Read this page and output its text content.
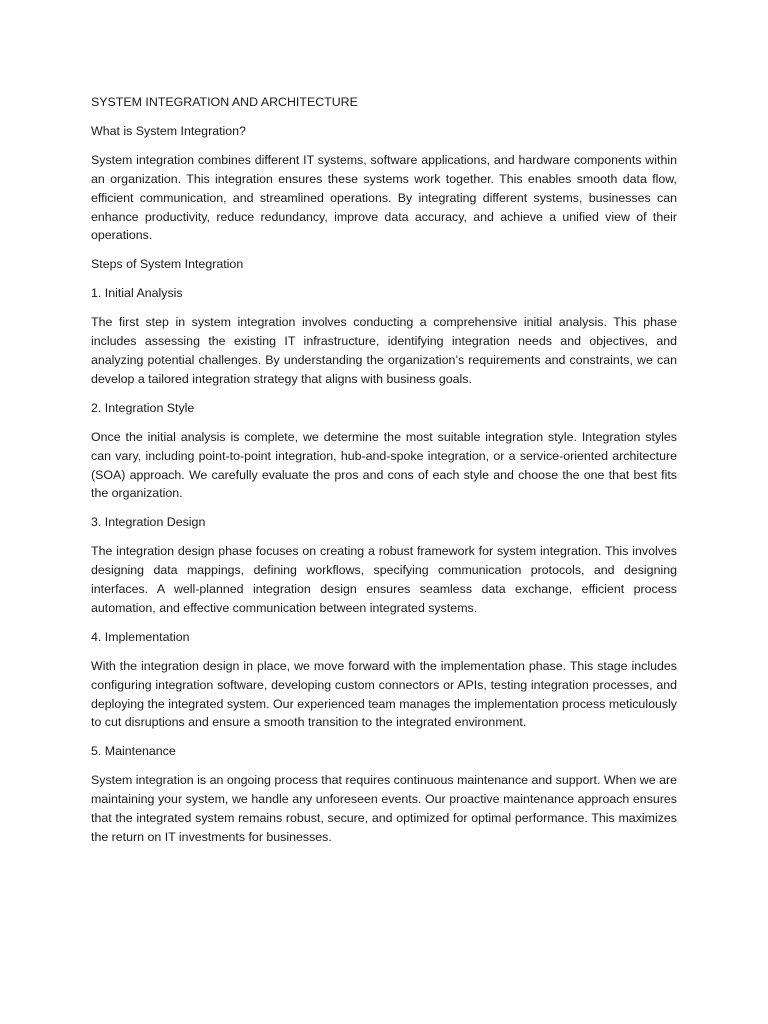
SYSTEM INTEGRATION AND ARCHITECTURE

What is System Integration?

System integration combines different IT systems, software applications, and hardware components within an organization. This integration ensures these systems work together. This enables smooth data flow, efficient communication, and streamlined operations. By integrating different systems, businesses can enhance productivity, reduce redundancy, improve data accuracy, and achieve a unified view of their operations.

Steps of System Integration

1. Initial Analysis

The first step in system integration involves conducting a comprehensive initial analysis. This phase includes assessing the existing IT infrastructure, identifying integration needs and objectives, and analyzing potential challenges. By understanding the organization’s requirements and constraints, we can develop a tailored integration strategy that aligns with business goals.

2. Integration Style

Once the initial analysis is complete, we determine the most suitable integration style. Integration styles can vary, including point-to-point integration, hub-and-spoke integration, or a service-oriented architecture (SOA) approach. We carefully evaluate the pros and cons of each style and choose the one that best fits the organization.

3. Integration Design

The integration design phase focuses on creating a robust framework for system integration. This involves designing data mappings, defining workflows, specifying communication protocols, and designing interfaces. A well-planned integration design ensures seamless data exchange, efficient process automation, and effective communication between integrated systems.

4. Implementation

With the integration design in place, we move forward with the implementation phase. This stage includes configuring integration software, developing custom connectors or APIs, testing integration processes, and deploying the integrated system. Our experienced team manages the implementation process meticulously to cut disruptions and ensure a smooth transition to the integrated environment.

5. Maintenance

System integration is an ongoing process that requires continuous maintenance and support. When we are maintaining your system, we handle any unforeseen events. Our proactive maintenance approach ensures that the integrated system remains robust, secure, and optimized for optimal performance. This maximizes the return on IT investments for businesses.
